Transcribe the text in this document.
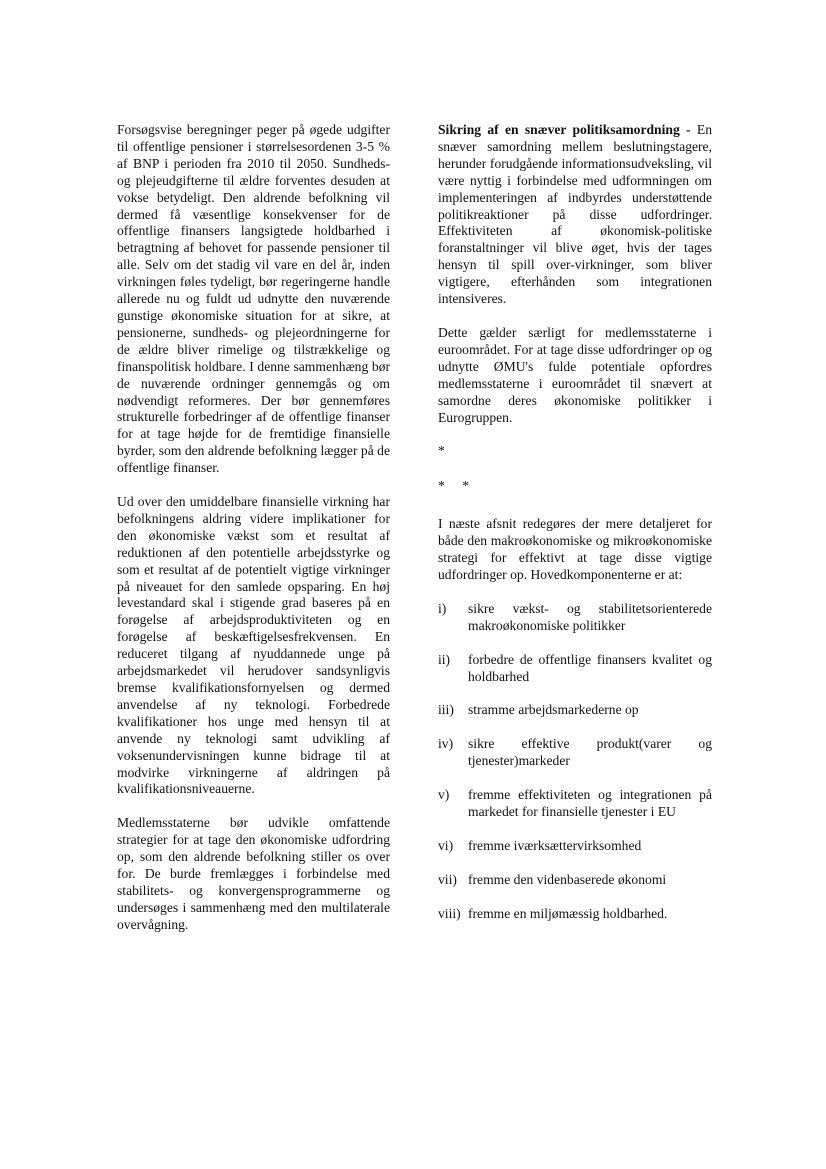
Forsøgsvise beregninger peger på øgede udgifter til offentlige pensioner i størrelsesordenen 3-5 % af BNP i perioden fra 2010 til 2050. Sundheds- og plejeudgifterne til ældre forventes desuden at vokse betydeligt. Den aldrende befolkning vil dermed få væsentlige konsekvenser for de offentlige finansers langsigtede holdbarhed i betragtning af behovet for passende pensioner til alle. Selv om det stadig vil vare en del år, inden virkningen føles tydeligt, bør regeringerne handle allerede nu og fuldt ud udnytte den nuværende gunstige økonomiske situation for at sikre, at pensionerne, sundheds- og plejeordningerne for de ældre bliver rimelige og tilstrækkelige og finanspolitisk holdbare. I denne sammenhæng bør de nuværende ordninger gennemgås og om nødvendigt reformeres. Der bør gennemføres strukturelle forbedringer af de offentlige finanser for at tage højde for de fremtidige finansielle byrder, som den aldrende befolkning lægger på de offentlige finanser.

Ud over den umiddelbare finansielle virkning har befolkningens aldring videre implikationer for den økonomiske vækst som et resultat af reduktionen af den potentielle arbejdsstyrke og som et resultat af de potentielt vigtige virkninger på niveauet for den samlede opsparing. En høj levestandard skal i stigende grad baseres på en forøgelse af arbejdsproduktiviteten og en forøgelse af beskæftigelsesfrekvensen. En reduceret tilgang af nyuddannede unge på arbejdsmarkedet vil herudover sandsynligvis bremse kvalifikationsfornyelsen og dermed anvendelse af ny teknologi. Forbedrede kvalifikationer hos unge med hensyn til at anvende ny teknologi samt udvikling af voksenundervisningen kunne bidrage til at modvirke virkningerne af aldringen på kvalifikationsniveauerne.

Medlemsstaterne bør udvikle omfattende strategier for at tage den økonomiske udfordring op, som den aldrende befolkning stiller os over for. De burde fremlægges i forbindelse med stabilitets- og konvergensprogrammerne og undersøges i sammenhæng med den multilaterale overvågning.

Sikring af en snæver politiksamordning - En snæver samordning mellem beslutningstagere, herunder forudgående informationsudveksling, vil være nyttig i forbindelse med udformningen om implementeringen af indbyrdes understøttende politikreaktioner på disse udfordringer. Effektiviteten af økonomisk-politiske foranstaltninger vil blive øget, hvis der tages hensyn til spill over-virkninger, som bliver vigtigere, efterhånden som integrationen intensiveres.

Dette gælder særligt for medlemsstaterne i euroområdet. For at tage disse udfordringer op og udnytte ØMU's fulde potentiale opfordres medlemsstaterne i euroområdet til snævert at samordne deres økonomiske politikker i Eurogruppen.

*

* *

I næste afsnit redegøres der mere detaljeret for både den makroøkonomiske og mikroøkonomiske strategi for effektivt at tage disse vigtige udfordringer op. Hovedkomponenterne er at:

i)	sikre vækst- og stabilitetsorienterede makroøkonomiske politikker
ii)	forbedre de offentlige finansers kvalitet og holdbarhed
iii)	stramme arbejdsmarkederne op
iv)	sikre effektive produkt(varer og tjenester)markeder
v)	fremme effektiviteten og integrationen på markedet for finansielle tjenester i EU
vi)	fremme iværksættervirksomhed
vii) fremme den videnbaserede økonomi
viii) fremme en miljømæssig holdbarhed.
